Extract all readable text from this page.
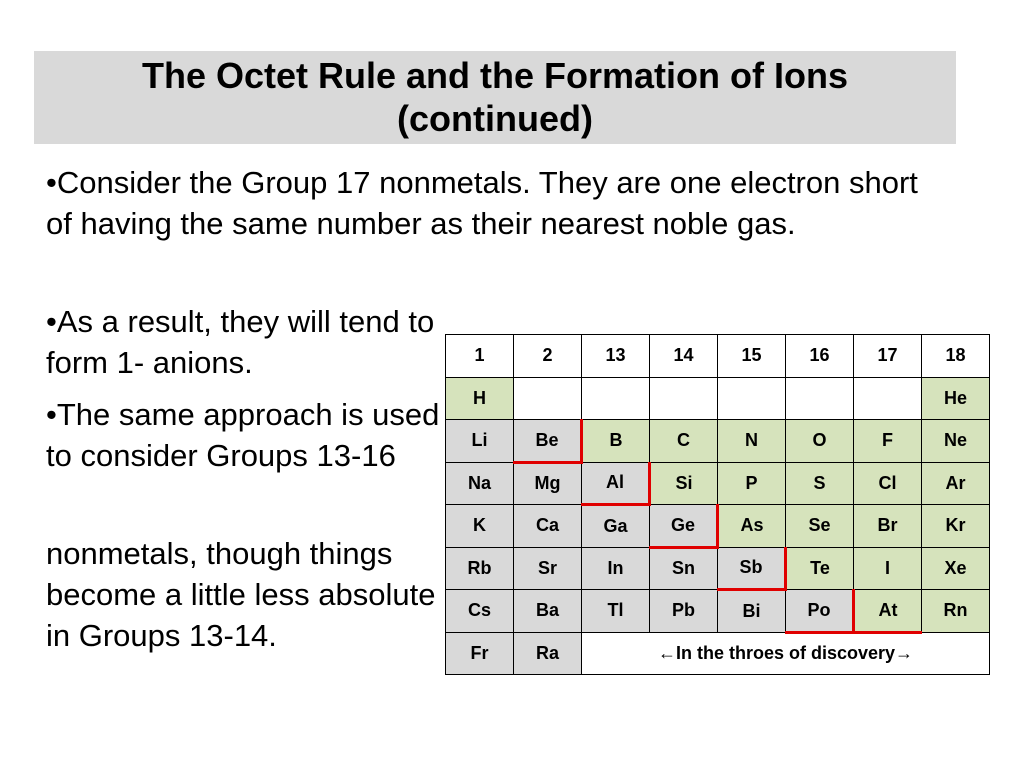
The Octet Rule and the Formation of Ions
(continued)

•Consider the Group 17 nonmetals. They are one electron short of having the same number as their nearest noble gas.

•As a result, they will tend to form 1- anions.

•The same approach is used to consider Groups 13-16

nonmetals, though things become a little less absolute in Groups 13-14.

1	2	13	14	15	16	17	18
H							He
Li	Be	B	C	N	O	F	Ne
Na	Mg	Al	Si	P	S	Cl	Ar
K	Ca	Ga	Ge	As	Se	Br	Kr
Rb	Sr	In	Sn	Sb	Te	I	Xe
Cs	Ba	Tl	Pb	Bi	Po	At	Rn
Fr	Ra	←In the throes of discovery→					
